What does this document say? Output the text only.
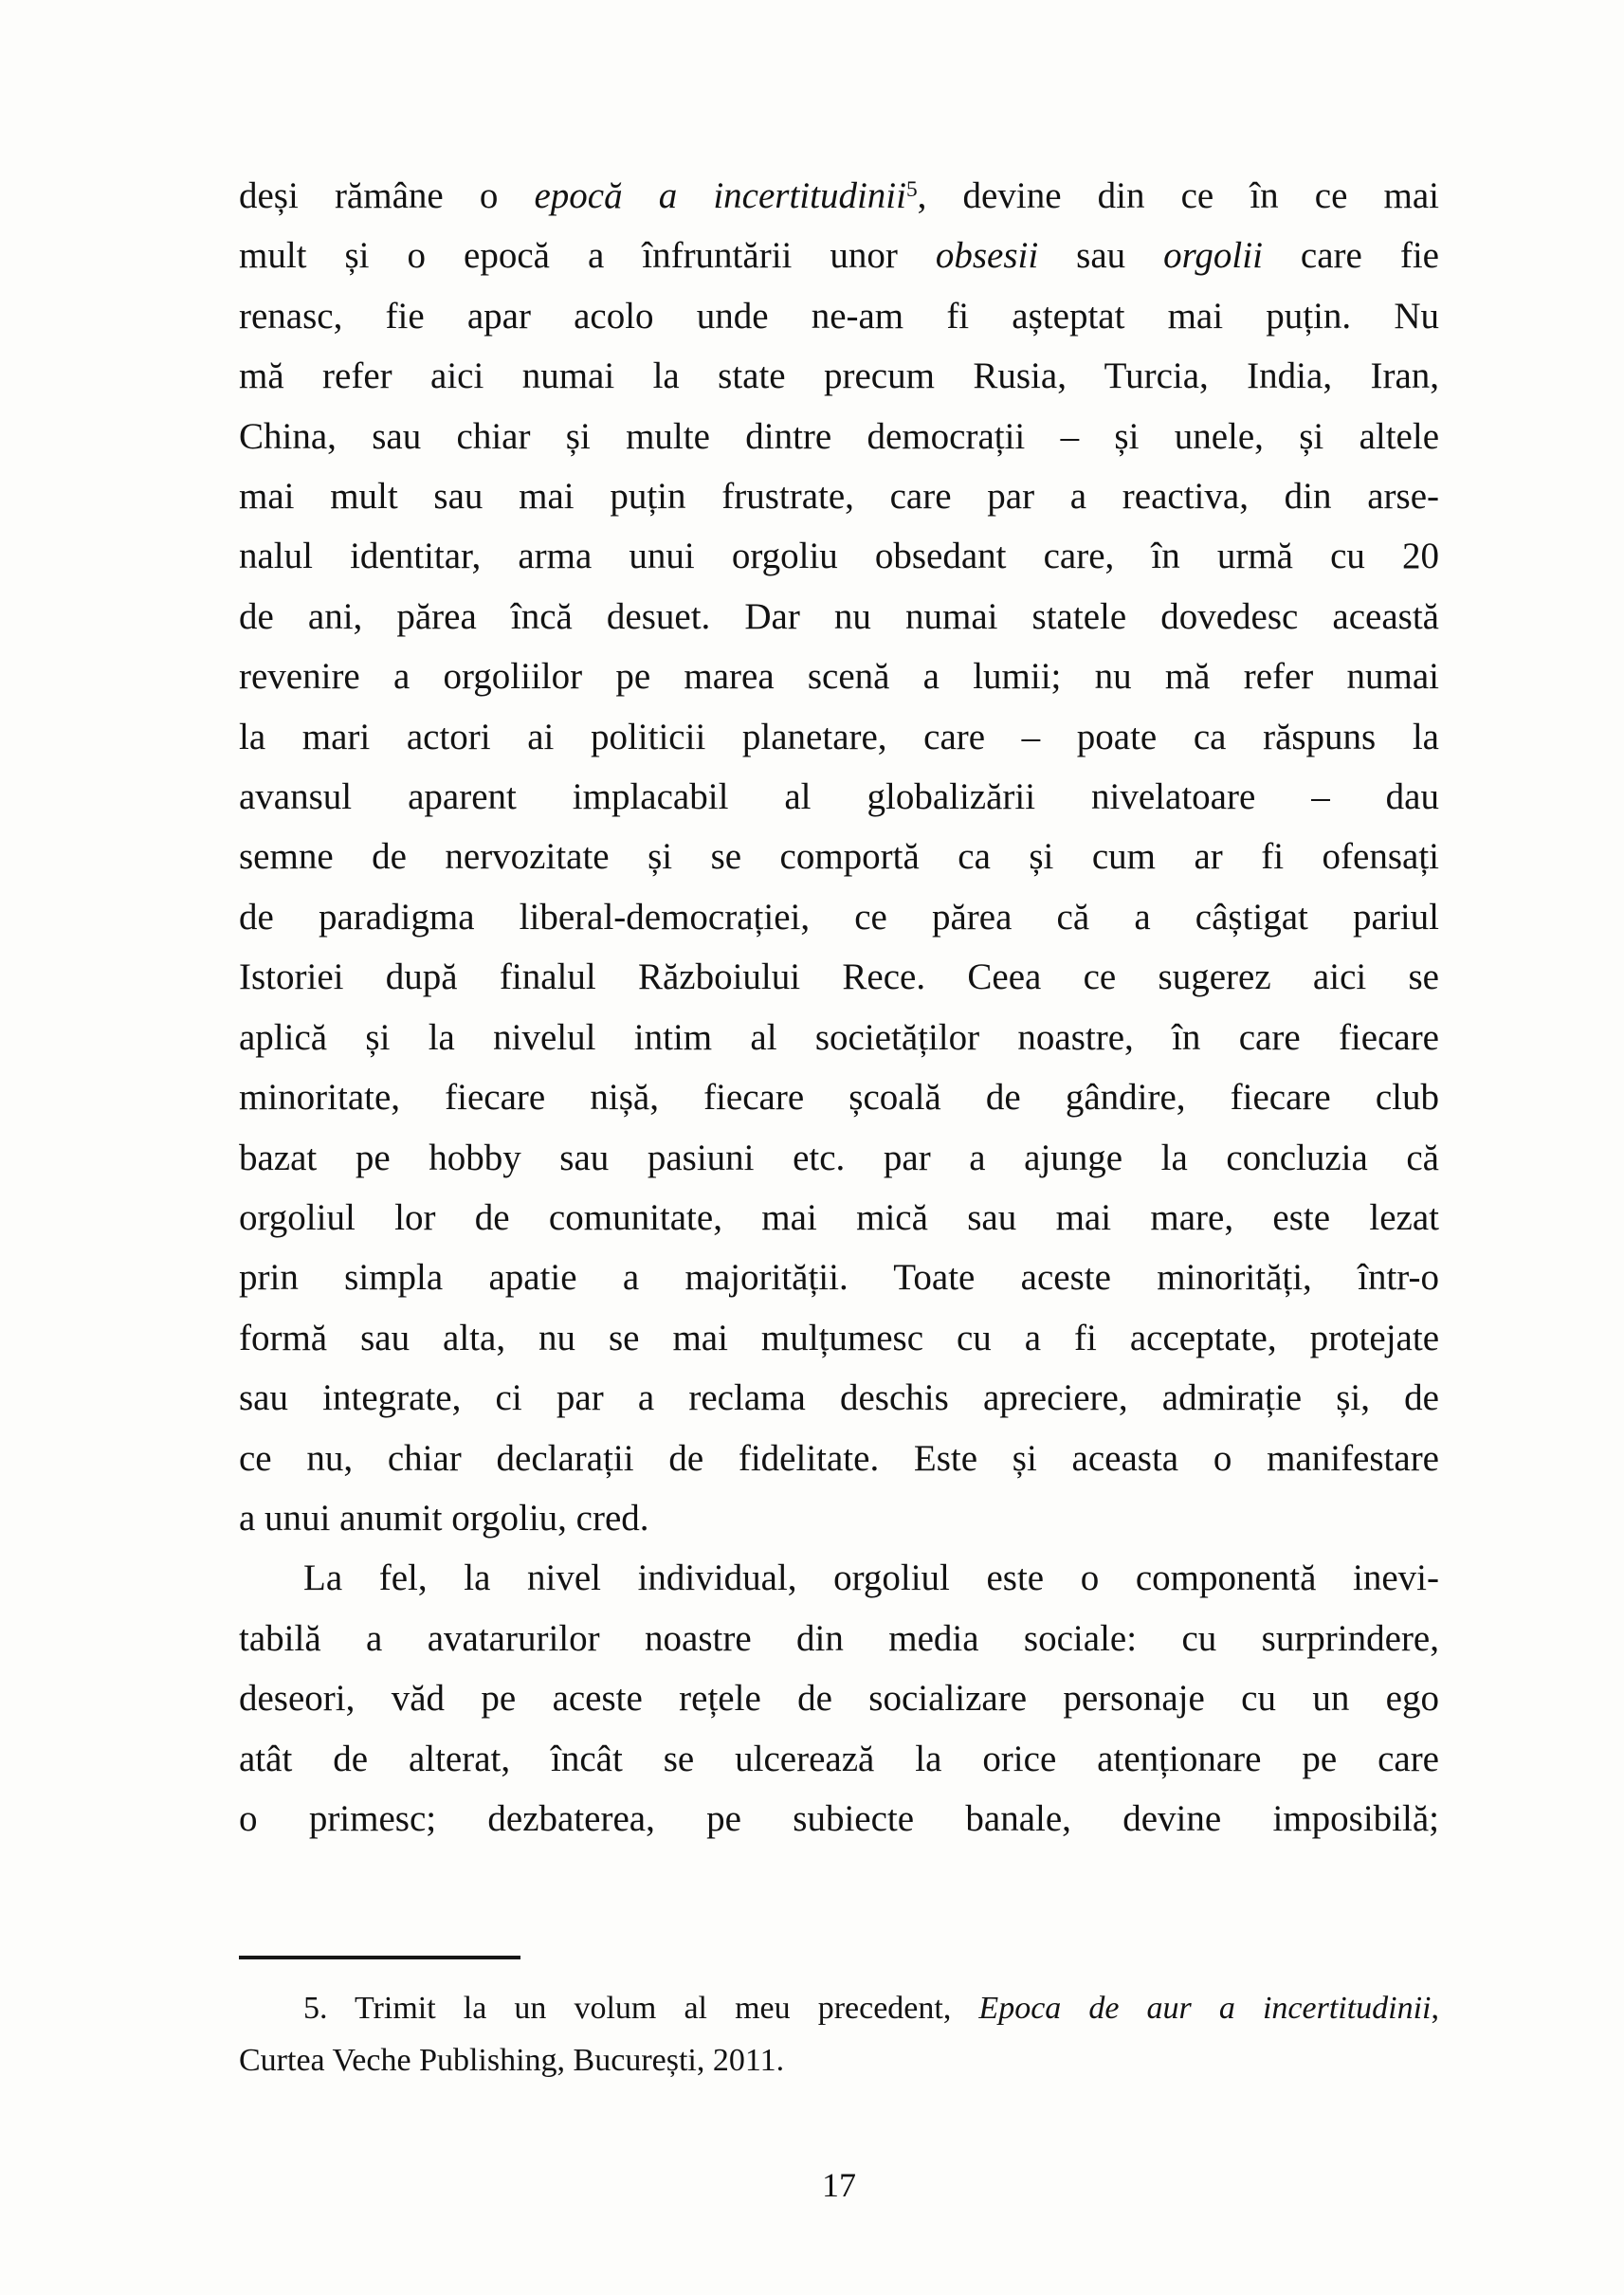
deși rămâne o epocă a incertitudinii$^5$, devine din ce în ce mai
mult și o epocă a înfruntării unor obsesii sau orgolii care fie
renasc, fie apar acolo unde ne-am fi așteptat mai puțin. Nu
mă refer aici numai la state precum Rusia, Turcia, India, Iran,
China, sau chiar și multe dintre democrații – și unele, și altele
mai mult sau mai puțin frustrate, care par a reactiva, din arse-
nalul identitar, arma unui orgoliu obsedant care, în urmă cu 20
de ani, părea încă desuet. Dar nu numai statele dovedesc această
revenire a orgoliilor pe marea scenă a lumii; nu mă refer numai
la mari actori ai politicii planetare, care – poate ca răspuns la
avansul aparent implacabil al globalizării nivelatoare – dau
semne de nervozitate și se comportă ca și cum ar fi ofensați
de paradigma liberal-democrației, ce părea că a câștigat pariul
Istoriei după finalul Războiului Rece. Ceea ce sugerez aici se
aplică și la nivelul intim al societăților noastre, în care fiecare
minoritate, fiecare nișă, fiecare școală de gândire, fiecare club
bazat pe hobby sau pasiuni etc. par a ajunge la concluzia că
orgoliul lor de comunitate, mai mică sau mai mare, este lezat
prin simpla apatie a majorității. Toate aceste minorități, într-o
formă sau alta, nu se mai mulțumesc cu a fi acceptate, protejate
sau integrate, ci par a reclama deschis apreciere, admirație și, de
ce nu, chiar declarații de fidelitate. Este și aceasta o manifestare
a unui anumit orgoliu, cred.
La fel, la nivel individual, orgoliul este o componentă inevi-
tabilă a avatarurilor noastre din media sociale: cu surprindere,
deseori, văd pe aceste rețele de socializare personaje cu un ego
atât de alterat, încât se ulcerează la orice atenționare pe care
o primesc; dezbaterea, pe subiecte banale, devine imposibilă;
5. Trimit la un volum al meu precedent, Epoca de aur a incertitudinii,
Curtea Veche Publishing, București, 2011.
17
